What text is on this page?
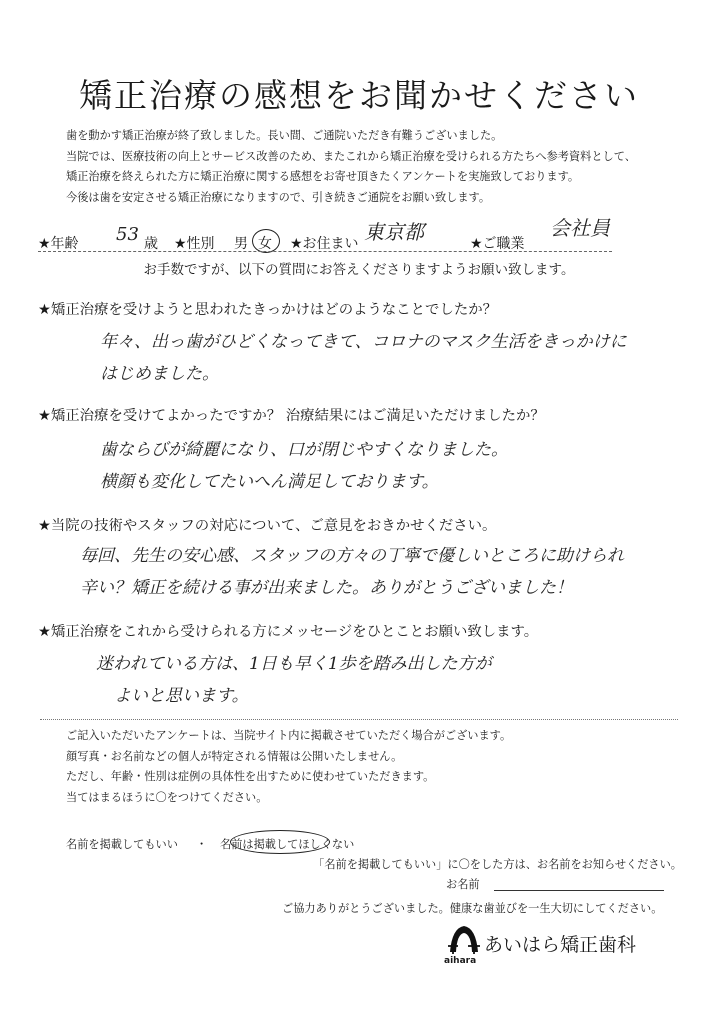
矯正治療の感想をお聞かせください
歯を動かす矯正治療が終了致しました。長い間、ご通院いただき有難うございました。
当院では、医療技術の向上とサービス改善のため、またこれから矯正治療を受けられる方たちへ参考資料として、
矯正治療を終えられた方に矯正治療に関する感想をお寄せ頂きたくアンケートを実施致しております。
今後は歯を安定させる矯正治療になりますので、引き続きご通院をお願い致します。
★年齢 53 歳 ★性別 男 女 ★お住まい 東京都	★ご職業
会社員
お手数ですが、以下の質問にお答えくださりますようお願い致します。
★矯正治療を受けようと思われたきっかけはどのようなことでしたか？
年々、出っ歯がひどくなってきて、コロナのマスク生活をきっかけに
はじめました。
★矯正治療を受けてよかったですか？ 治療結果にはご満足いただけましたか？
歯ならびが綺麗になり、口が閉じやすくなりました。
横顔も変化してたいへん満足しております。
★当院の技術やスタッフの対応について、ご意見をおきかせください。
毎回、先生の安心感、スタッフの方々の丁寧で優しいところに助けられ
辛い？矯正を続ける事が出来ました。ありがとうございました！
★矯正治療をこれから受けられる方にメッセージをひとことお願い致します。
迷われている方は、1日も早く1歩を踏み出した方が
よいと思います。
ご記入いただいたアンケートは、当院サイト内に掲載させていただく場合がございます。
顔写真・お名前などの個人が特定される情報は公開いたしません。
ただし、年齢・性別は症例の具体性を出すために使わせていただきます。
当てはまるほうに〇をつけてください。
名前を掲載してもいい ・ 名前は掲載してほしくない
「名前を掲載してもいい」に〇をした方は、お名前をお知らせください。
お名前
ご協力ありがとうございました。健康な歯並びを一生大切にしてください。
あいはら矯正歯科
aihara
